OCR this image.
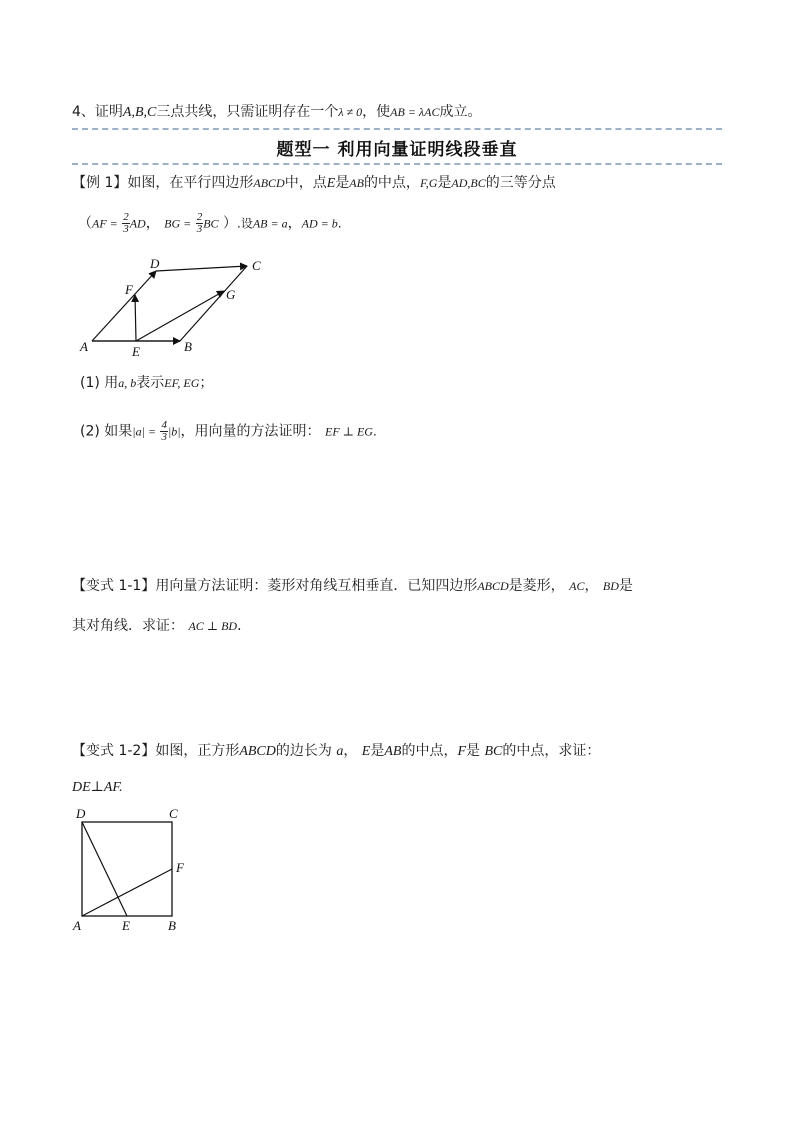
4、证明A,B,C三点共线，只需证明存在一个λ ≠ 0，使AB = λAC成立。
题型一 利用向量证明线段垂直
【例 1】如图，在平行四边形ABCD中，点E是AB的中点，F,G是AD,BC的三等分点
（$AF = \frac{2}{3}$ AD， BG = $\frac{2}{3}$ BC ）.设AB = a，AD = b.
A	B
C
D
E
F	G
(1) 用a, b表示EF, EG；
(2) 如果$|a| = \frac{4}{3} |b|$，用向量的方法证明： EF ⊥ EG.
【变式 1-1】用向量方法证明：菱形对角线互相垂直．已知四边形ABCD是菱形， AC， BD是
其对角线．求证： AC ⊥ BD.
【变式 1-2】如图，正方形ABCD的边长为 a， E是AB的中点，F是 BC的中点，求证：
DE⊥AF.
D	C
F
A	E	B
